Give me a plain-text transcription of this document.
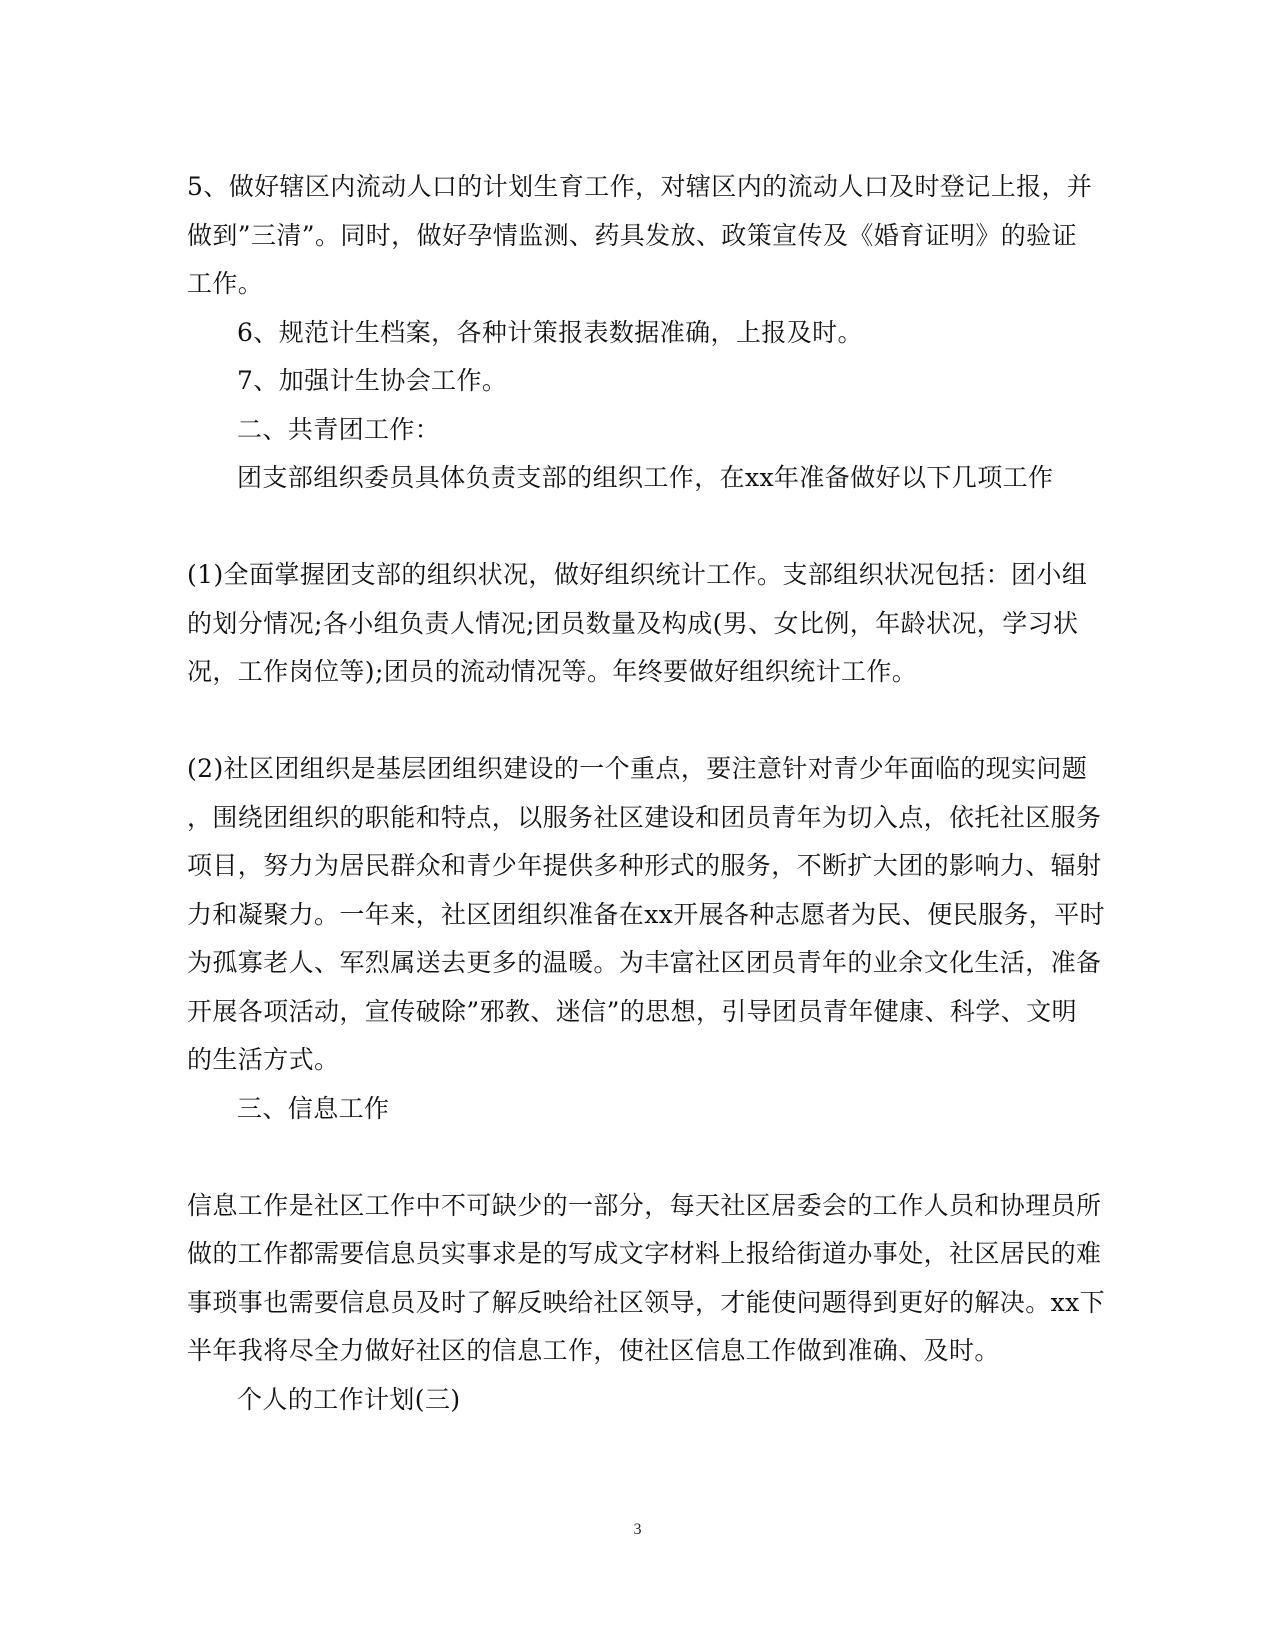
5、做好辖区内流动人口的计划生育工作，对辖区内的流动人口及时登记上报，并
做到”三清”。同时，做好孕情监测、药具发放、政策宣传及《婚育证明》的验证
工作。
6、规范计生档案，各种计策报表数据准确，上报及时。
7、加强计生协会工作。
二、共青团工作：
团支部组织委员具体负责支部的组织工作，在xx年准备做好以下几项工作
(1)全面掌握团支部的组织状况，做好组织统计工作。支部组织状况包括：团小组
的划分情况;各小组负责人情况;团员数量及构成(男、女比例，年龄状况，学习状
况，工作岗位等);团员的流动情况等。年终要做好组织统计工作。
(2)社区团组织是基层团组织建设的一个重点，要注意针对青少年面临的现实问题
，围绕团组织的职能和特点，以服务社区建设和团员青年为切入点，依托社区服务
项目，努力为居民群众和青少年提供多种形式的服务，不断扩大团的影响力、辐射
力和凝聚力。一年来，社区团组织准备在xx开展各种志愿者为民、便民服务，平时
为孤寡老人、军烈属送去更多的温暖。为丰富社区团员青年的业余文化生活，准备
开展各项活动，宣传破除”邪教、迷信”的思想，引导团员青年健康、科学、文明
的生活方式。
三、信息工作
信息工作是社区工作中不可缺少的一部分，每天社区居委会的工作人员和协理员所
做的工作都需要信息员实事求是的写成文字材料上报给街道办事处，社区居民的难
事琐事也需要信息员及时了解反映给社区领导，才能使问题得到更好的解决。xx下
半年我将尽全力做好社区的信息工作，使社区信息工作做到准确、及时。
个人的工作计划(三)
3
